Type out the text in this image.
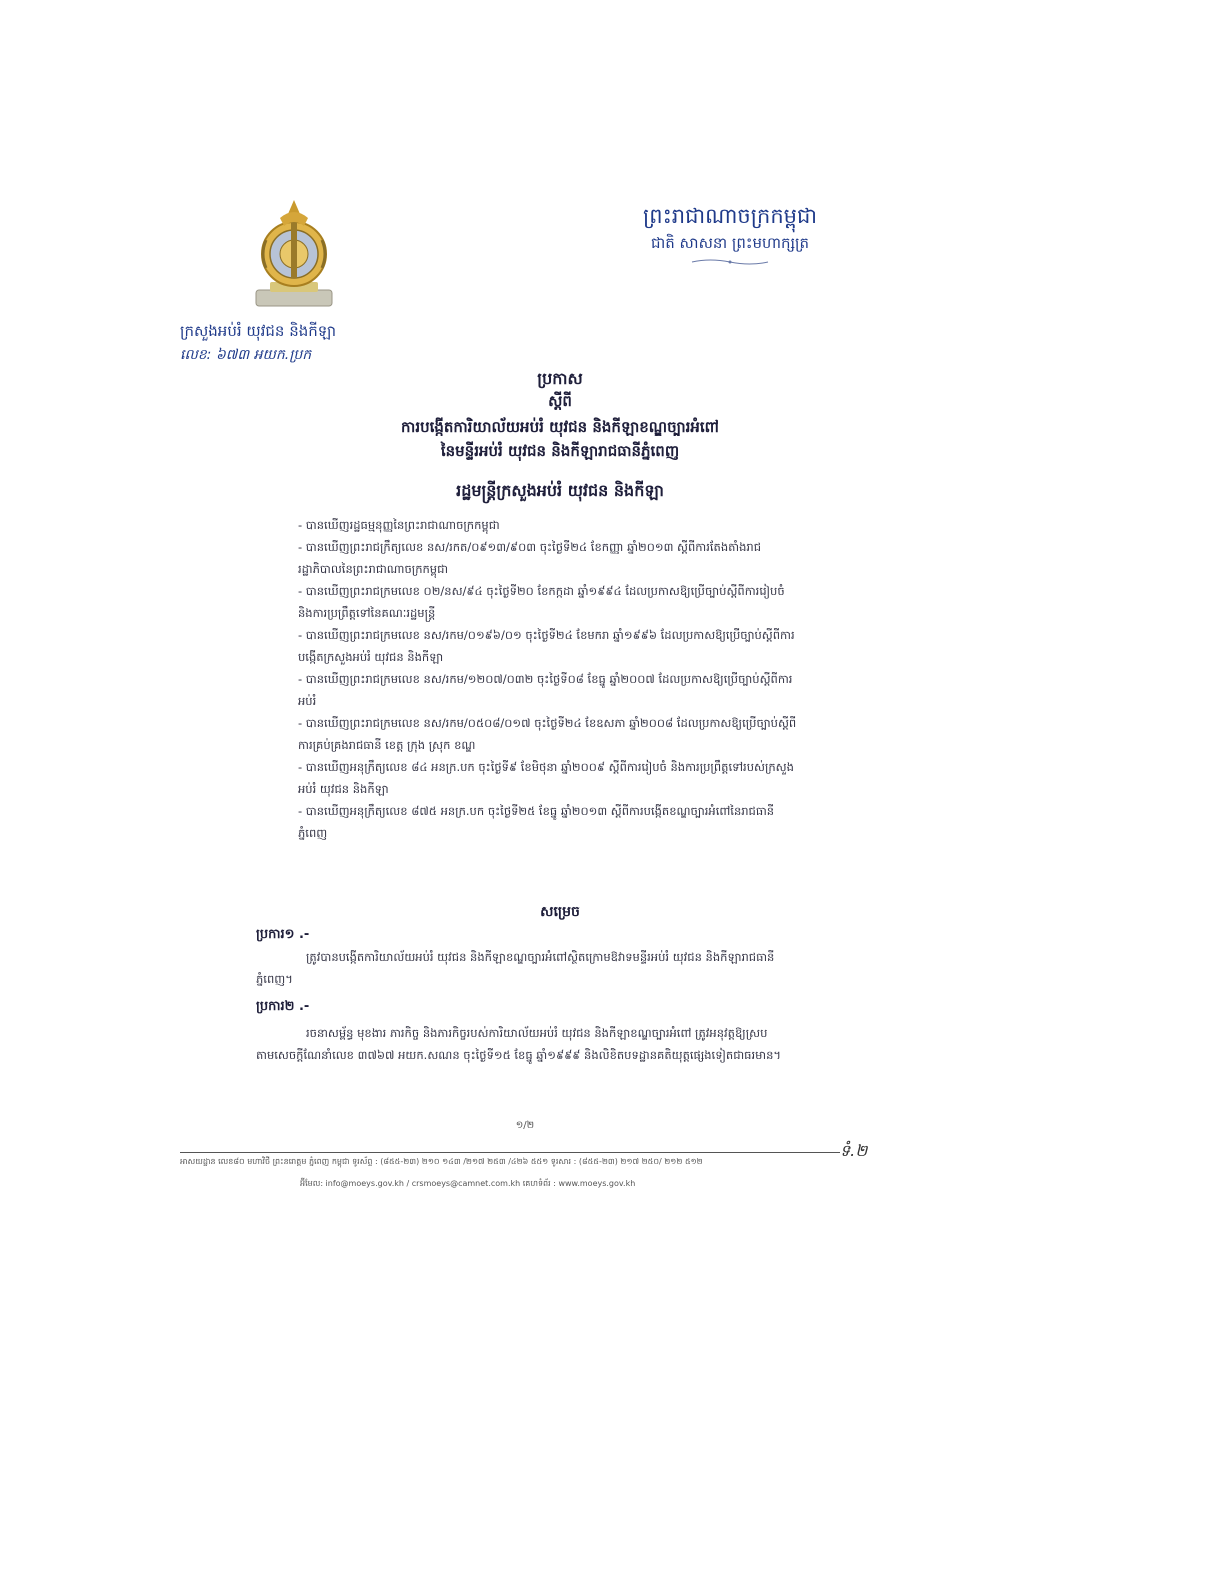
ព្រះរាជាណាចក្រកម្ពុជា
ជាតិ សាសនា ព្រះមហាក្សត្រ
ក្រសួងអប់រំ យុវជន និងកីឡា
លេខ: ៦៧៣ អយក.ប្រក
ប្រកាស
ស្តីពី
ការបង្កើតការិយាល័យអប់រំ យុវជន និងកីឡាខណ្ឌច្បារអំពៅ
នៃមន្ទីរអប់រំ យុវជន និងកីឡារាជធានីភ្នំពេញ
រដ្ឋមន្ត្រីក្រសួងអប់រំ យុវជន និងកីឡា
- បានឃើញរដ្ឋធម្មនុញ្ញនៃព្រះរាជាណាចក្រកម្ពុជា
- បានឃើញព្រះរាជក្រឹត្យលេខ នស/រកត/០៩១៣/៩០៣ ចុះថ្ងៃទី២៤ ខែកញ្ញា ឆ្នាំ២០១៣ ស្តីពីការតែងតាំងរាជរដ្ឋាភិបាលនៃព្រះរាជាណាចក្រកម្ពុជា
- បានឃើញព្រះរាជក្រមលេខ ០២/នស/៩៤ ចុះថ្ងៃទី២០ ខែកក្កដា ឆ្នាំ១៩៩៤ ដែលប្រកាសឱ្យប្រើច្បាប់ស្តីពីការរៀបចំនិងការប្រព្រឹត្តទៅនៃគណៈរដ្ឋមន្ត្រី
- បានឃើញព្រះរាជក្រមលេខ នស/រកម/០១៩៦/០១ ចុះថ្ងៃទី២៤ ខែមករា ឆ្នាំ១៩៩៦ ដែលប្រកាសឱ្យប្រើច្បាប់ស្តីពីការបង្កើតក្រសួងអប់រំ យុវជន និងកីឡា
- បានឃើញព្រះរាជក្រមលេខ នស/រកម/១២០៧/០៣២ ចុះថ្ងៃទី០៨ ខែធ្នូ ឆ្នាំ២០០៧ ដែលប្រកាសឱ្យប្រើច្បាប់ស្តីពីការអប់រំ
- បានឃើញព្រះរាជក្រមលេខ នស/រកម/០៥០៨/០១៧ ចុះថ្ងៃទី២៤ ខែឧសភា ឆ្នាំ២០០៨ ដែលប្រកាសឱ្យប្រើច្បាប់ស្តីពីការគ្រប់គ្រងរាជធានី ខេត្ត ក្រុង ស្រុក ខណ្ឌ
- បានឃើញអនុក្រឹត្យលេខ ៨៤ អនក្រ.បក ចុះថ្ងៃទី៩ ខែមិថុនា ឆ្នាំ២០០៩ ស្តីពីការរៀបចំ និងការប្រព្រឹត្តទៅរបស់ក្រសួងអប់រំ យុវជន និងកីឡា
- បានឃើញអនុក្រឹត្យលេខ ៨៧៥ អនក្រ.បក ចុះថ្ងៃទី២៥ ខែធ្នូ ឆ្នាំ២០១៣ ស្តីពីការបង្កើតខណ្ឌច្បារអំពៅនៃរាជធានីភ្នំពេញ
សម្រេច
ប្រការ១ .-
ត្រូវបានបង្កើតការិយាល័យអប់រំ យុវជន និងកីឡាខណ្ឌច្បារអំពៅស្ថិតក្រោមឱវាទមន្ទីរអប់រំ យុវជន និងកីឡារាជធានីភ្នំពេញ។
ប្រការ២ .-
រចនាសម្ព័ន្ធ មុខងារ ភារកិច្ច និងភារកិច្ចរបស់ការិយាល័យអប់រំ យុវជន និងកីឡាខណ្ឌច្បារអំពៅ ត្រូវអនុវត្តឱ្យស្របតាមសេចក្តីណែនាំលេខ ៣៧៦៧ អយក.សណន ចុះថ្ងៃទី១៥ ខែធ្នូ ឆ្នាំ១៩៩៩ និងលិខិតបទដ្ឋានគតិយុត្តផ្សេងទៀតជាធរមាន។
១/២
ទំ.២
អាសយដ្ឋាន លេខ៨០ មហាវិថី ព្រះនរោត្តម ភ្នំពេញ កម្ពុជា ទូរស័ព្ទ : (៨៥៥-២៣) ២១០ ១៤៣ /២១៧ ២៥៣ /៤២៦ ៥៥១ ទូរសារ : (៨៥៥-២៣) ២១៧ ២៥០/ ២១២ ៥១២
អ៊ីមែល: info@moeys.gov.kh / crsmoeys@camnet.com.kh គេហទំព័រ : www.moeys.gov.kh
